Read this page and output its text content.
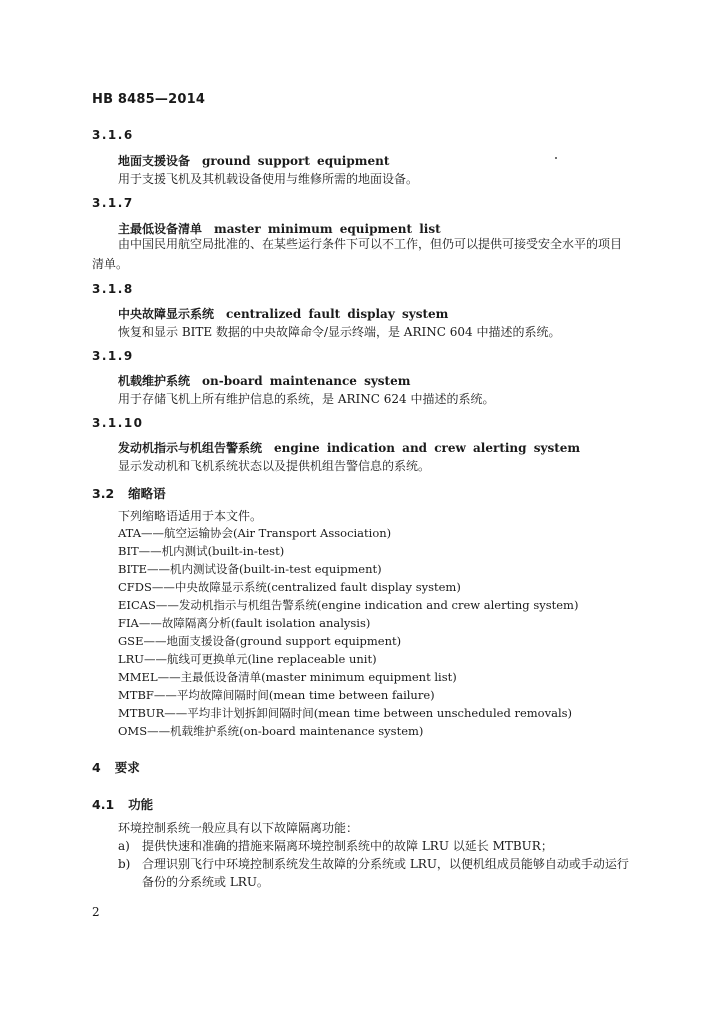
HB 8485—2014
3.1.6
地面支援设备 ground support equipment
用于支援飞机及其机载设备使用与维修所需的地面设备。
3.1.7
主最低设备清单 master minimum equipment list
由中国民用航空局批准的、在某些运行条件下可以不工作，但仍可以提供可接受安全水平的项目清单。
3.1.8
中央故障显示系统 centralized fault display system
恢复和显示 BITE 数据的中央故障命令/显示终端，是 ARINC 604 中描述的系统。
3.1.9
机载维护系统 on-board maintenance system
用于存储飞机上所有维护信息的系统，是 ARINC 624 中描述的系统。
3.1.10
发动机指示与机组告警系统 engine indication and crew alerting system
显示发动机和飞机系统状态以及提供机组告警信息的系统。
3.2 缩略语
下列缩略语适用于本文件。
ATA——航空运输协会(Air Transport Association)
BIT——机内测试(built-in-test)
BITE——机内测试设备(built-in-test equipment)
CFDS——中央故障显示系统(centralized fault display system)
EICAS——发动机指示与机组告警系统(engine indication and crew alerting system)
FIA——故障隔离分析(fault isolation analysis)
GSE——地面支援设备(ground support equipment)
LRU——航线可更换单元(line replaceable unit)
MMEL——主最低设备清单(master minimum equipment list)
MTBF——平均故障间隔时间(mean time between failure)
MTBUR——平均非计划拆卸间隔时间(mean time between unscheduled removals)
OMS——机载维护系统(on-board maintenance system)
4 要求
4.1 功能
环境控制系统一般应具有以下故障隔离功能：
a) 提供快速和准确的措施来隔离环境控制系统中的故障 LRU 以延长 MTBUR；
b) 合理识别飞行中环境控制系统发生故障的分系统或 LRU，以便机组成员能够自动或手动运行
备份的分系统或 LRU。
2
